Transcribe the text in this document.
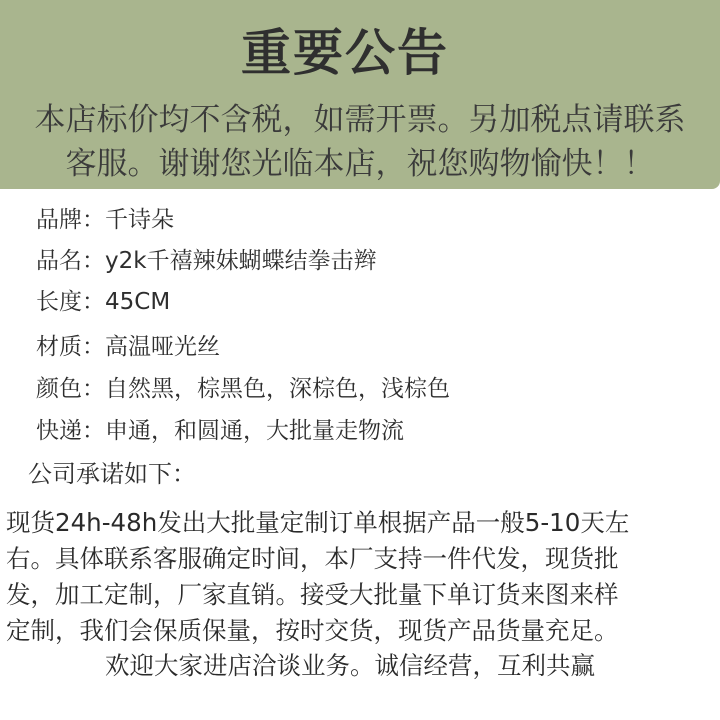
重要公告
本店标价均不含税，如需开票。另加税点请联系
客服。谢谢您光临本店，祝您购物愉快！！
品牌：千诗朵
品名：y2k千禧辣妹蝴蝶结拳击辫
长度：45CM
材质：高温哑光丝
颜色：自然黑，棕黑色，深棕色，浅棕色
快递：申通，和圆通，大批量走物流
公司承诺如下：
现货24h-48h发出大批量定制订单根据产品一般5-10天左
右。具体联系客服确定时间，本厂支持一件代发，现货批
发，加工定制，厂家直销。接受大批量下单订货来图来样
定制，我们会保质保量，按时交货，现货产品货量充足。
欢迎大家进店洽谈业务。诚信经营，互利共赢
